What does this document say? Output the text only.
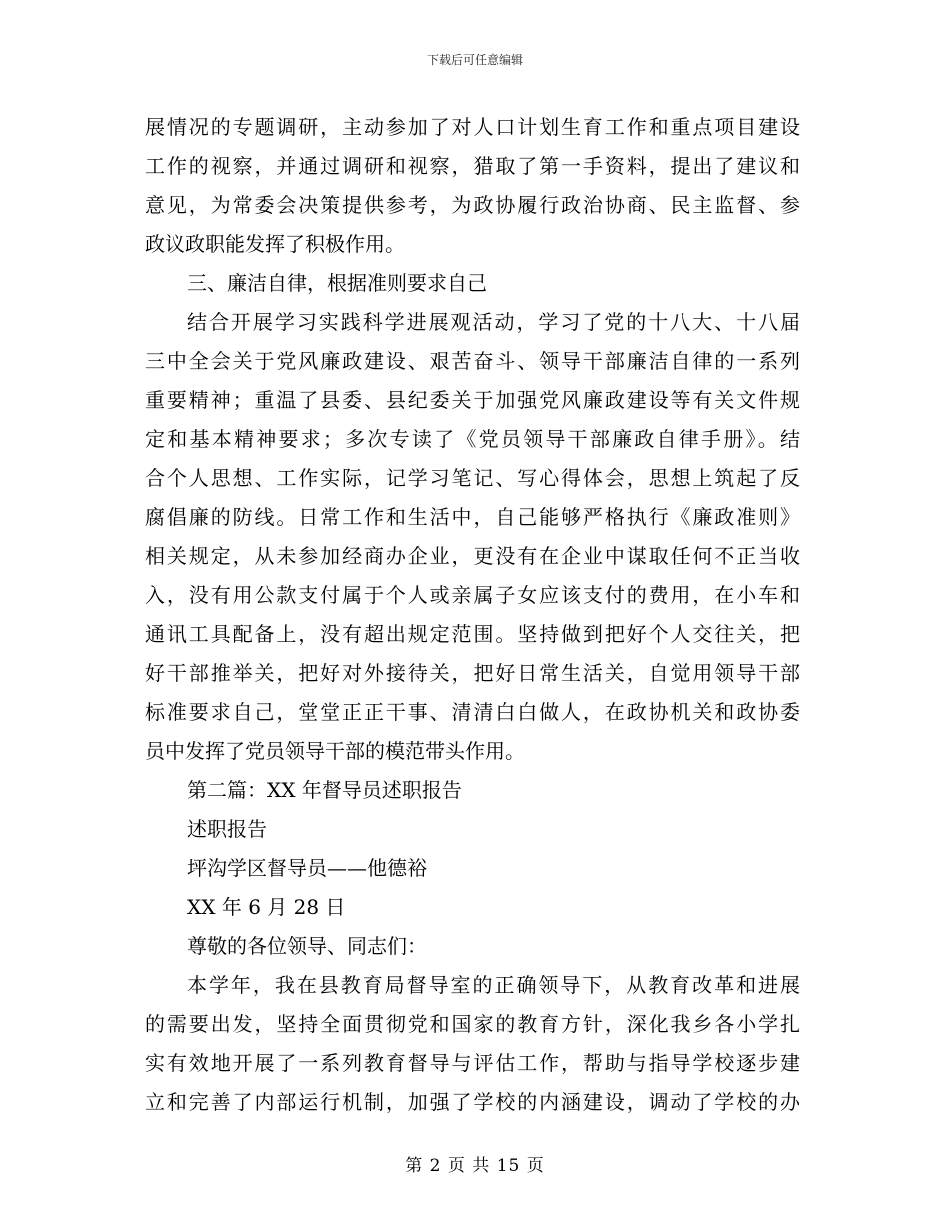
下载后可任意编辑
展情况的专题调研，主动参加了对人口计划生育工作和重点项目建设
工作的视察，并通过调研和视察，猎取了第一手资料，提出了建议和
意见，为常委会决策提供参考，为政协履行政治协商、民主监督、参
政议政职能发挥了积极作用。
三、廉洁自律，根据准则要求自己
结合开展学习实践科学进展观活动，学习了党的十八大、十八届
三中全会关于党风廉政建设、艰苦奋斗、领导干部廉洁自律的一系列
重要精神；重温了县委、县纪委关于加强党风廉政建设等有关文件规
定和基本精神要求；多次专读了《党员领导干部廉政自律手册》。结
合个人思想、工作实际，记学习笔记、写心得体会，思想上筑起了反
腐倡廉的防线。日常工作和生活中，自己能够严格执行《廉政准则》
相关规定，从未参加经商办企业，更没有在企业中谋取任何不正当收
入，没有用公款支付属于个人或亲属子女应该支付的费用，在小车和
通讯工具配备上，没有超出规定范围。坚持做到把好个人交往关，把
好干部推举关，把好对外接待关，把好日常生活关，自觉用领导干部
标准要求自己，堂堂正正干事、清清白白做人，在政协机关和政协委
员中发挥了党员领导干部的模范带头作用。
第二篇：XX 年督导员述职报告
述职报告
坪沟学区督导员——他德裕
XX 年 6 月 28 日
尊敬的各位领导、同志们：
本学年，我在县教育局督导室的正确领导下，从教育改革和进展
的需要出发，坚持全面贯彻党和国家的教育方针，深化我乡各小学扎
实有效地开展了一系列教育督导与评估工作，帮助与指导学校逐步建
立和完善了内部运行机制，加强了学校的内涵建设，调动了学校的办
第 2 页 共 15 页
